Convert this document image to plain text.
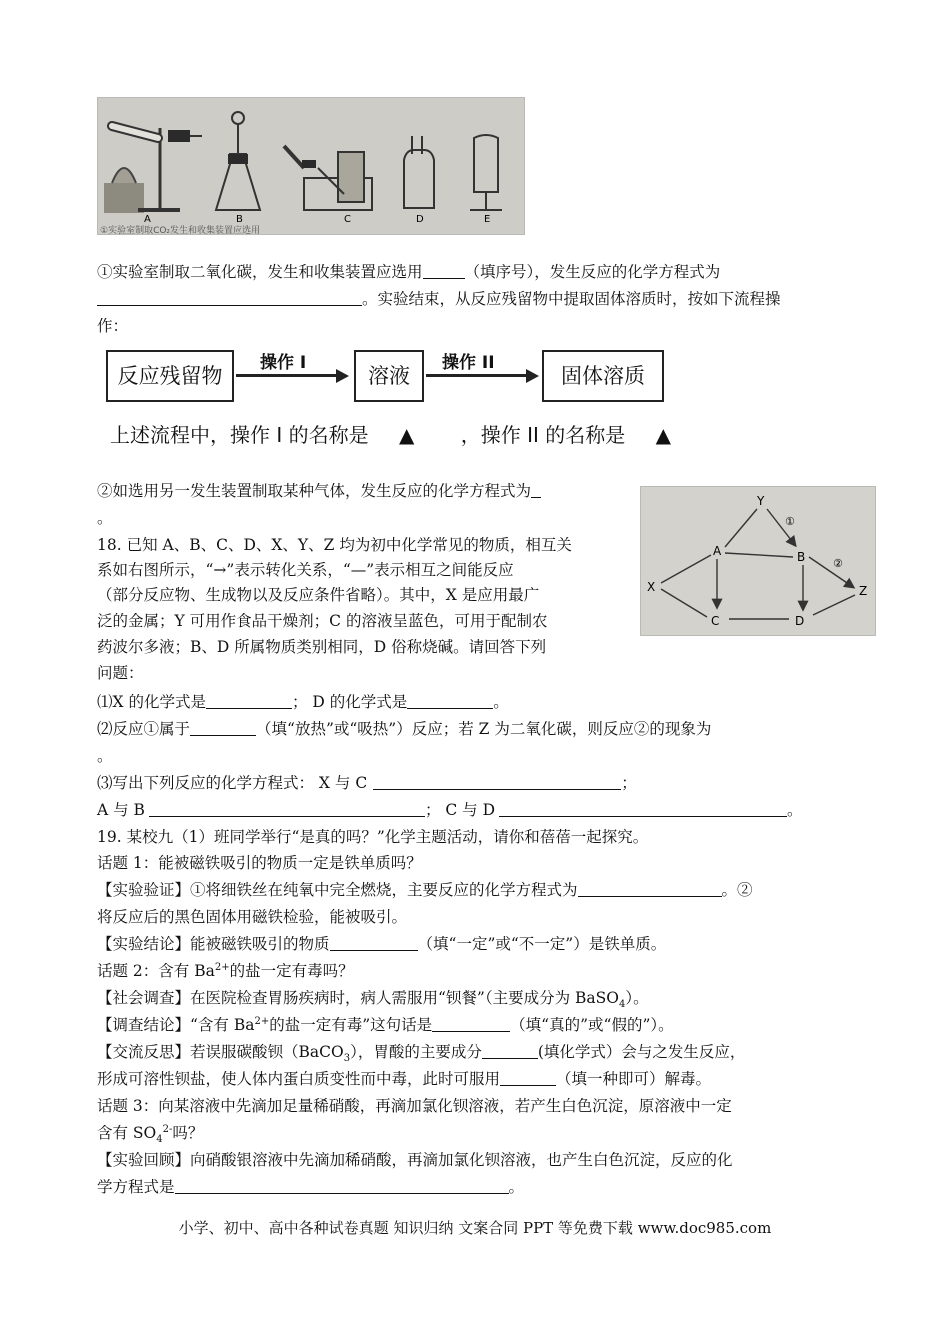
A	B	C	D	E
①实验室制取CO₂发生和收集装置应选用
①实验室制取二氧化碳，发生和收集装置应选用	（填序号），发生反应的化学方程式为
。实验结束，从反应残留物中提取固体溶质时，按如下流程操
作：
反应残留物
操作 I
溶液
操作 II
固体溶质
上述流程中，操作 I 的名称是 ▲ ，操作 II 的名称是 ▲
②如选用另一发生装置制取某种气体，发生反应的化学方程式为
。
Y
A	B
X	Z
C	D
①
②
18. 已知 A、B、C、D、X、Y、Z 均为初中化学常见的物质，相互关
系如右图所示，“→”表示转化关系，“—”表示相互之间能反应
（部分反应物、生成物以及反应条件省略）。其中，X 是应用最广
泛的金属；Y 可用作食品干燥剂；C 的溶液呈蓝色，可用于配制农
药波尔多液；B、D 所属物质类别相同，D 俗称烧碱。请回答下列
问题：
⑴X 的化学式是	； D 的化学式是	。
⑵反应①属于	（填“放热”或“吸热”）反应；若 Z 为二氧化碳，则反应②的现象为
。
⑶写出下列反应的化学方程式： X 与 C	；
A 与 B	； C 与 D	。
19. 某校九（1）班同学举行“是真的吗？”化学主题活动，请你和蓓蓓一起探究。
话题 1：能被磁铁吸引的物质一定是铁单质吗？
【实验验证】①将细铁丝在纯氧中完全燃烧，主要反应的化学方程式为	。②
将反应后的黑色固体用磁铁检验，能被吸引。
【实验结论】能被磁铁吸引的物质	（填“一定”或“不一定”）是铁单质。
话题 2：含有 $Ba^{2+}$的盐一定有毒吗？
【社会调查】在医院检查胃肠疾病时，病人需服用“钡餐”（主要成分为 BaSO$_4$）。
【调查结论】“含有 $Ba^{2+}$的盐一定有毒”这句话是	（填“真的”或“假的”）。
【交流反思】若误服碳酸钡（BaCO$_3$），胃酸的主要成分	(填化学式）会与之发生反应，
形成可溶性钡盐，使人体内蛋白质变性而中毒，此时可服用	（填一种即可）解毒。
话题 3：向某溶液中先滴加足量稀硝酸，再滴加氯化钡溶液，若产生白色沉淀，原溶液中一定
含有 $SO_4^{2-}$吗？
【实验回顾】向硝酸银溶液中先滴加稀硝酸，再滴加氯化钡溶液，也产生白色沉淀，反应的化
学方程式是	。
小学、初中、高中各种试卷真题 知识归纳 文案合同 PPT 等免费下载 www.doc985.com
